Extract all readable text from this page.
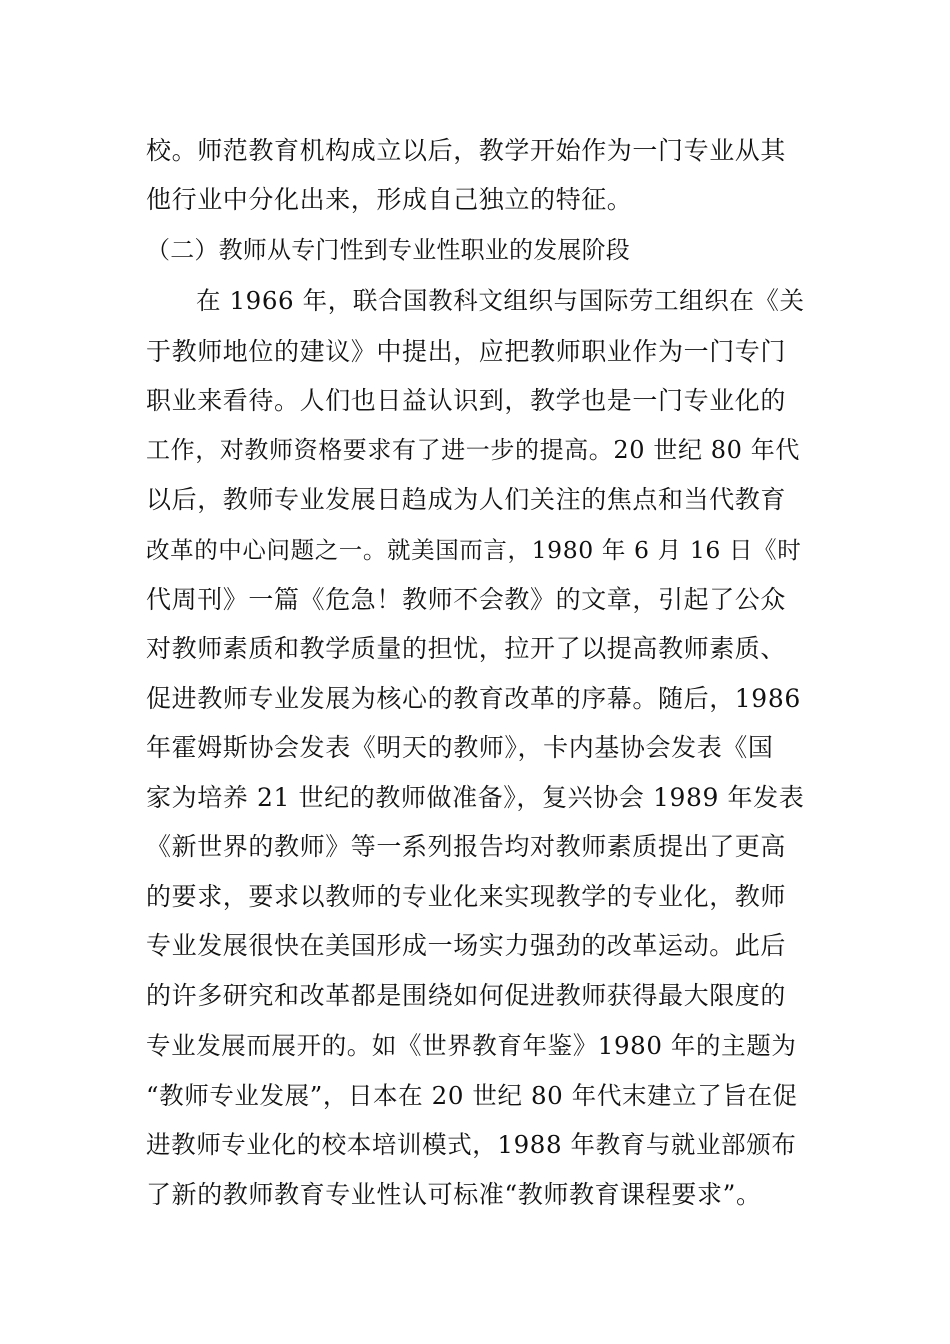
校。师范教育机构成立以后，教学开始作为一门专业从其
他行业中分化出来，形成自己独立的特征。
（二）教师从专门性到专业性职业的发展阶段
在 1966 年，联合国教科文组织与国际劳工组织在《关
于教师地位的建议》中提出，应把教师职业作为一门专门
职业来看待。人们也日益认识到，教学也是一门专业化的
工作，对教师资格要求有了进一步的提高。20 世纪 80 年代
以后，教师专业发展日趋成为人们关注的焦点和当代教育
改革的中心问题之一。就美国而言，1980 年 6 月 16 日《时
代周刊》一篇《危急！教师不会教》的文章，引起了公众
对教师素质和教学质量的担忧，拉开了以提高教师素质、
促进教师专业发展为核心的教育改革的序幕。随后，1986
年霍姆斯协会发表《明天的教师》，卡内基协会发表《国
家为培养 21 世纪的教师做准备》，复兴协会 1989 年发表
《新世界的教师》等一系列报告均对教师素质提出了更高
的要求，要求以教师的专业化来实现教学的专业化，教师
专业发展很快在美国形成一场实力强劲的改革运动。此后
的许多研究和改革都是围绕如何促进教师获得最大限度的
专业发展而展开的。如《世界教育年鉴》1980 年的主题为
“教师专业发展”，日本在 20 世纪 80 年代末建立了旨在促
进教师专业化的校本培训模式，1988 年教育与就业部颁布
了新的教师教育专业性认可标准“教师教育课程要求”。
